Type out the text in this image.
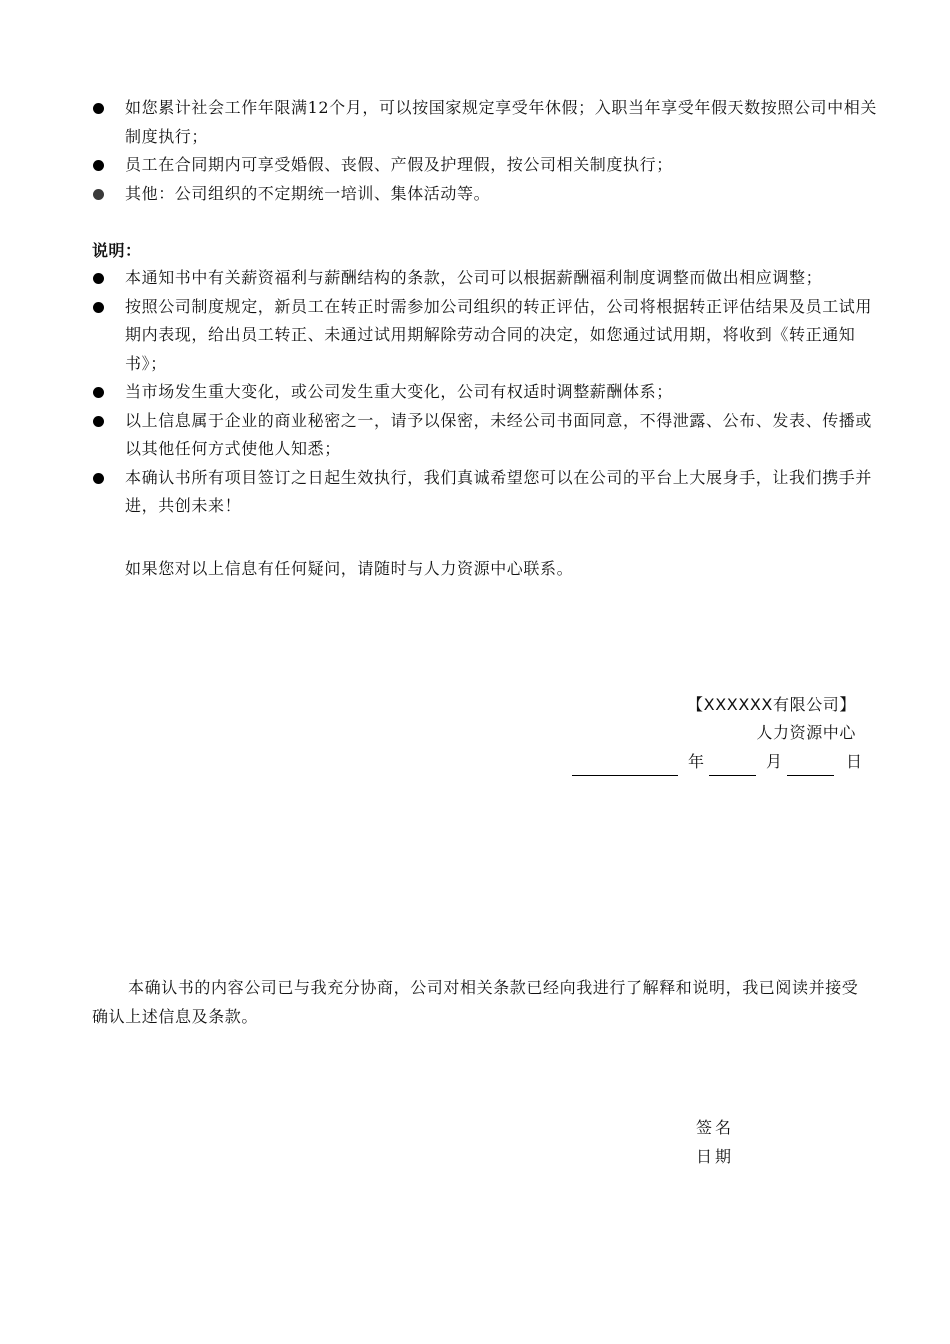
如您累计社会工作年限满12个月，可以按国家规定享受年休假；入职当年享受年假天数按照公司中相关制度执行；
员工在合同期内可享受婚假、丧假、产假及护理假，按公司相关制度执行；
其他：公司组织的不定期统一培训、集体活动等。
说明：
本通知书中有关薪资福利与薪酬结构的条款，公司可以根据薪酬福利制度调整而做出相应调整；
按照公司制度规定，新员工在转正时需参加公司组织的转正评估，公司将根据转正评估结果及员工试用期内表现，给出员工转正、未通过试用期解除劳动合同的决定，如您通过试用期，将收到《转正通知书》；
当市场发生重大变化，或公司发生重大变化，公司有权适时调整薪酬体系；
以上信息属于企业的商业秘密之一，请予以保密，未经公司书面同意，不得泄露、公布、发表、传播或以其他任何方式使他人知悉；
本确认书所有项目签订之日起生效执行，我们真诚希望您可以在公司的平台上大展身手，让我们携手并进，共创未来！
如果您对以上信息有任何疑问，请随时与人力资源中心联系。
【XXXXXX有限公司】
人力资源中心
年	月	日
本确认书的内容公司已与我充分协商，公司对相关条款已经向我进行了解释和说明，我已阅读并接受确认上述信息及条款。
签名
日期
